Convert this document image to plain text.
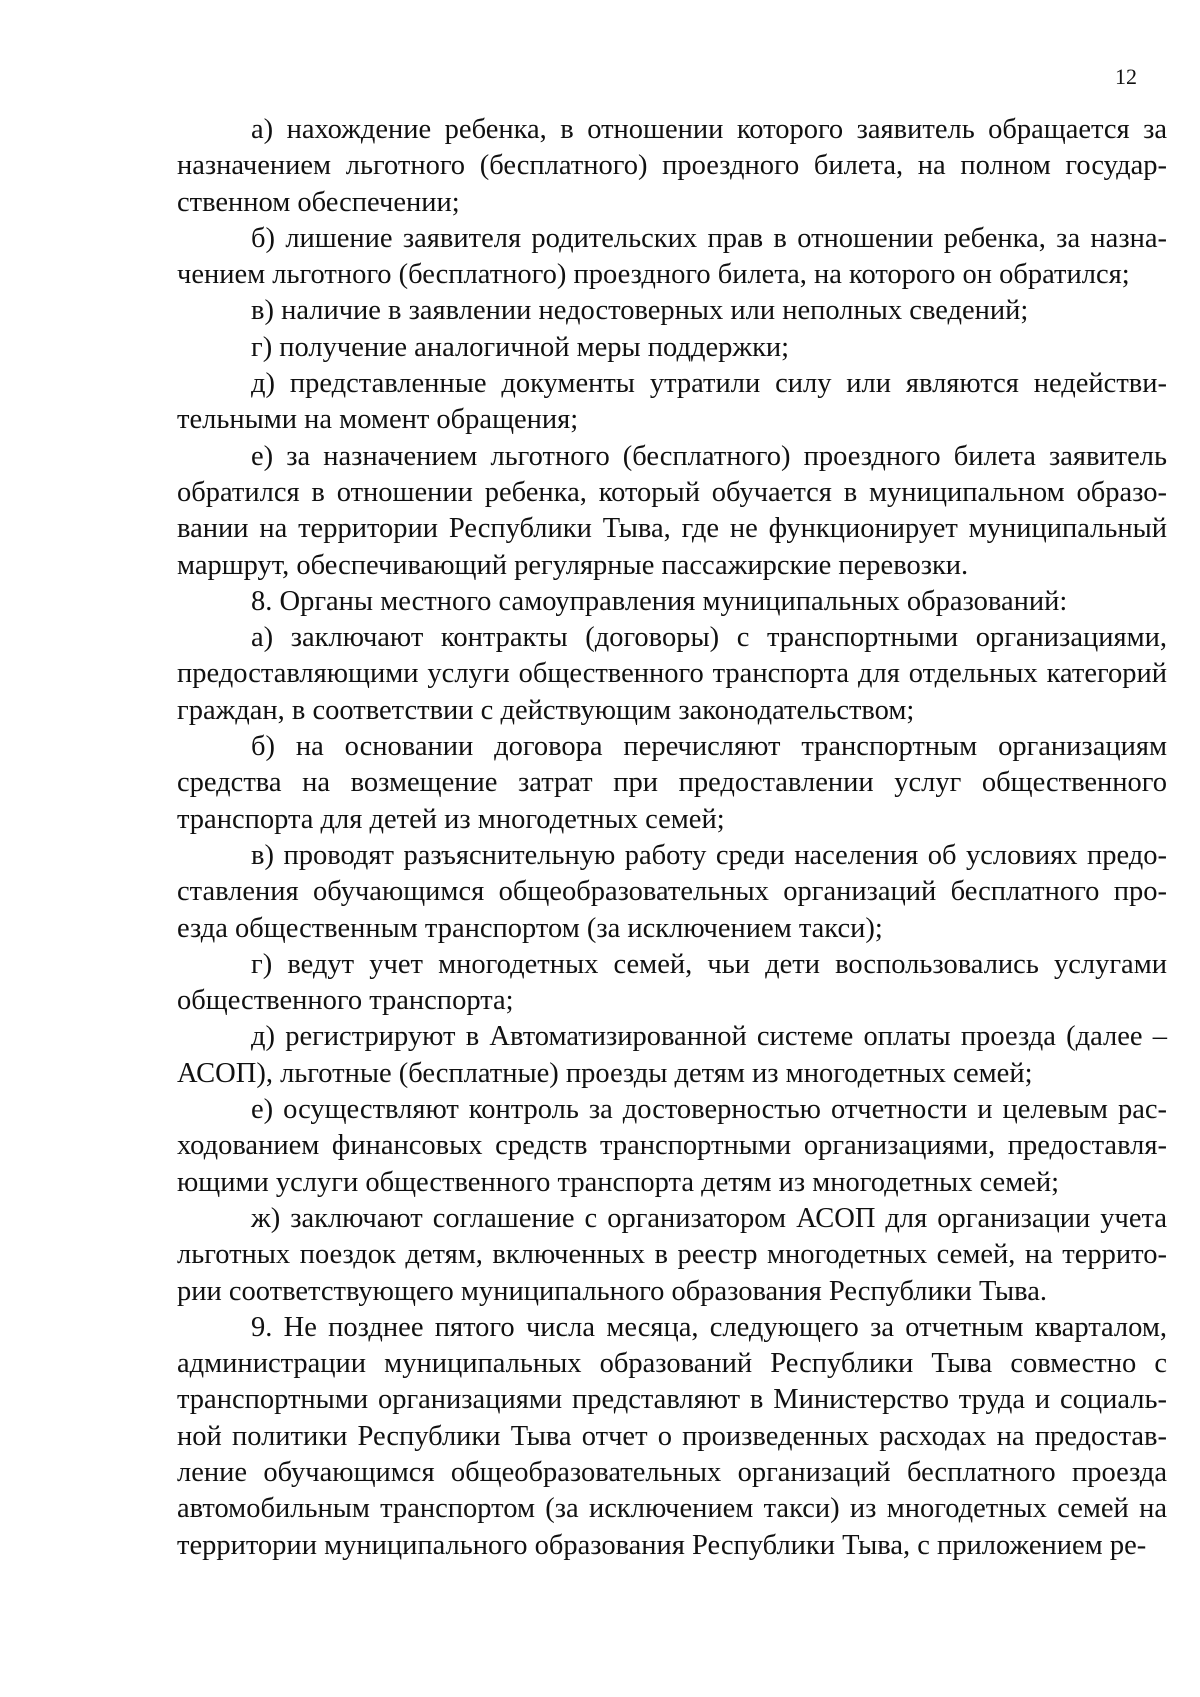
12

а) нахождение ребенка, в отношении которого заявитель обращается за назначением льготного (бесплатного) проездного билета, на полном государственном обеспечении;

б) лишение заявителя родительских прав в отношении ребенка, за назначением льготного (бесплатного) проездного билета, на которого он обратился;

в) наличие в заявлении недостоверных или неполных сведений;

г) получение аналогичной меры поддержки;

д) представленные документы утратили силу или являются недействительными на момент обращения;

е) за назначением льготного (бесплатного) проездного билета заявитель обратился в отношении ребенка, который обучается в муниципальном образовании на территории Республики Тыва, где не функционирует муниципальный маршрут, обеспечивающий регулярные пассажирские перевозки.

8. Органы местного самоуправления муниципальных образований:

а) заключают контракты (договоры) с транспортными организациями, предоставляющими услуги общественного транспорта для отдельных категорий граждан, в соответствии с действующим законодательством;

б) на основании договора перечисляют транспортным организациям средства на возмещение затрат при предоставлении услуг общественного транспорта для детей из многодетных семей;

в) проводят разъяснительную работу среди населения об условиях предоставления обучающимся общеобразовательных организаций бесплатного проезда общественным транспортом (за исключением такси);

г) ведут учет многодетных семей, чьи дети воспользовались услугами общественного транспорта;

д) регистрируют в Автоматизированной системе оплаты проезда (далее – АСОП), льготные (бесплатные) проезды детям из многодетных семей;

е) осуществляют контроль за достоверностью отчетности и целевым расходованием финансовых средств транспортными организациями, предоставляющими услуги общественного транспорта детям из многодетных семей;

ж) заключают соглашение с организатором АСОП для организации учета льготных поездок детям, включенных в реестр многодетных семей, на территории соответствующего муниципального образования Республики Тыва.

9. Не позднее пятого числа месяца, следующего за отчетным кварталом, администрации муниципальных образований Республики Тыва совместно с транспортными организациями представляют в Министерство труда и социальной политики Республики Тыва отчет о произведенных расходах на предоставление обучающимся общеобразовательных организаций бесплатного проезда автомобильным транспортом (за исключением такси) из многодетных семей на территории муниципального образования Республики Тыва, с приложением ре-
